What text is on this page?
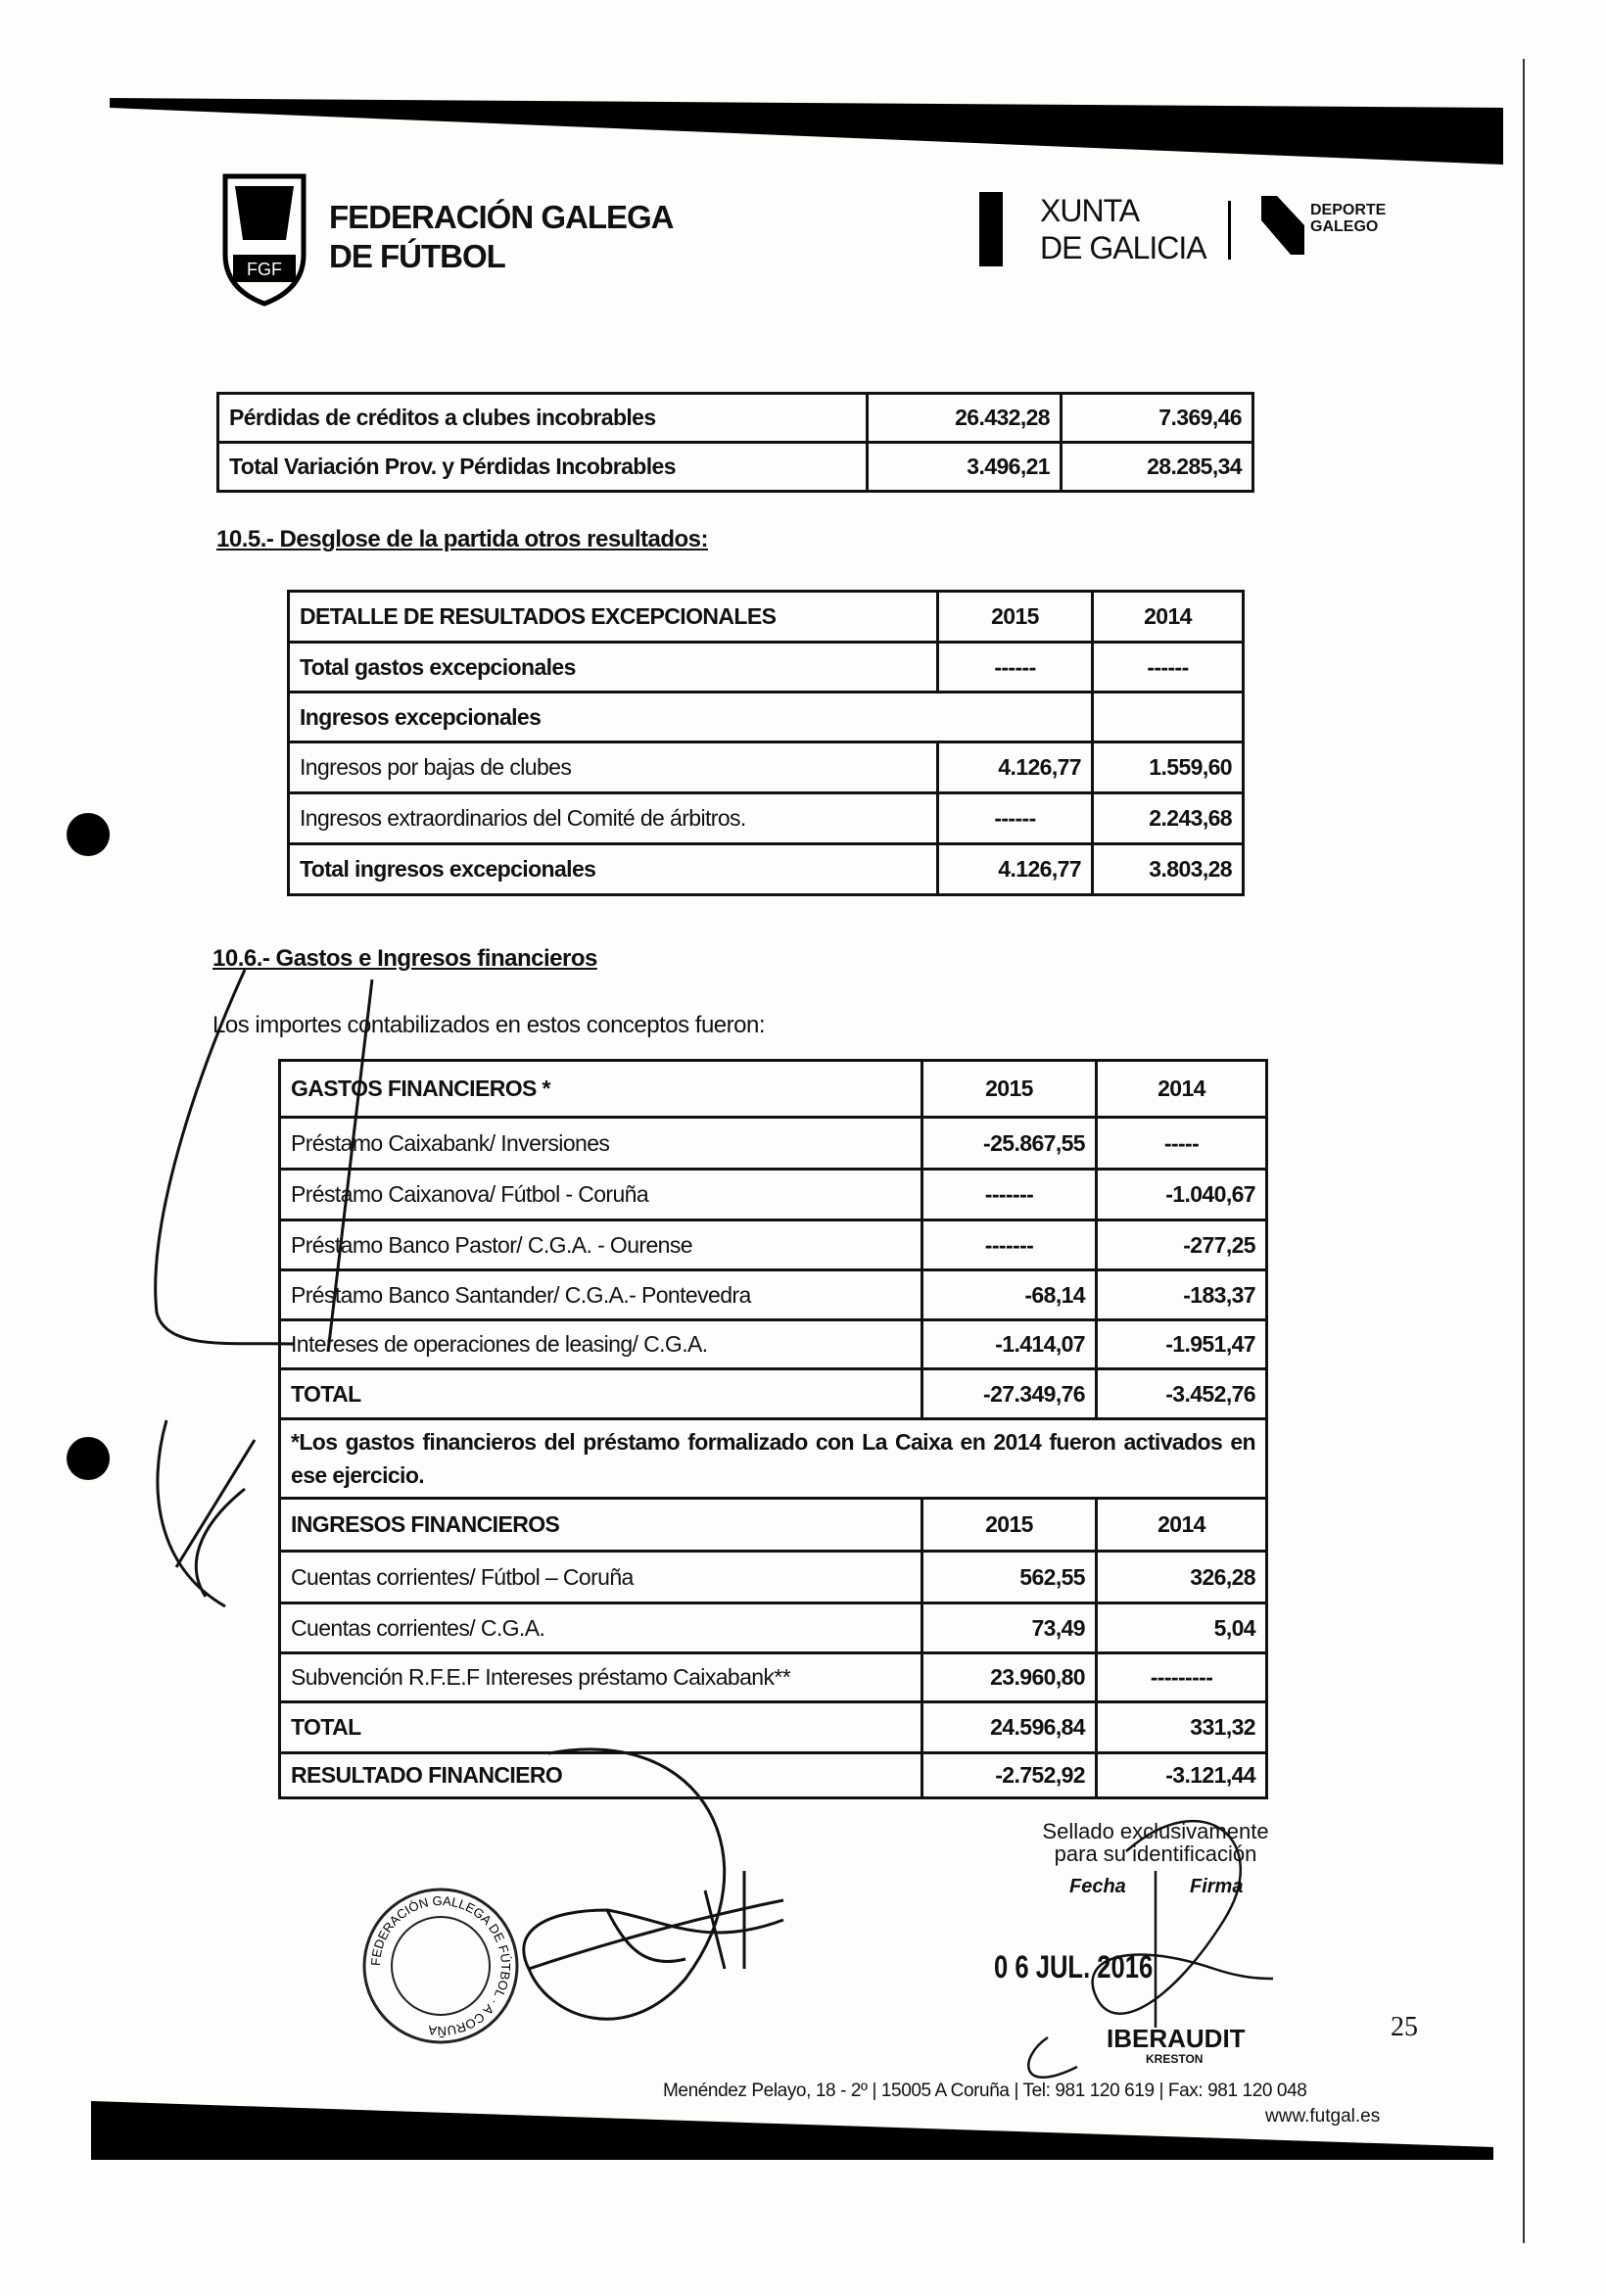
FGF
FEDERACIÓN GALEGA
DE FÚTBOL
XUNTA
DE GALICIA
DEPORTE
GALEGO
Pérdidas de créditos a clubes incobrables	26.432,28	7.369,46
Total Variación Prov. y Pérdidas Incobrables	3.496,21	28.285,34
10.5.- Desglose de la partida otros resultados:
DETALLE DE RESULTADOS EXCEPCIONALES	2015	2014
Total gastos excepcionales	------	------
Ingresos excepcionales		
Ingresos por bajas de clubes	4.126,77	1.559,60
Ingresos extraordinarios del Comité de árbitros.	------	2.243,68
Total ingresos excepcionales	4.126,77	3.803,28
10.6.- Gastos e Ingresos financieros
Los importes contabilizados en estos conceptos fueron:
GASTOS FINANCIEROS *	2015	2014
Préstamo Caixabank/ Inversiones	-25.867,55	-----
Préstamo Caixanova/ Fútbol - Coruña	-------	-1.040,67
Préstamo Banco Pastor/ C.G.A. - Ourense	-------	-277,25
Préstamo Banco Santander/ C.G.A.- Pontevedra	-68,14	-183,37
Intereses de operaciones de leasing/ C.G.A.	-1.414,07	-1.951,47
TOTAL	-27.349,76	-3.452,76
*Los gastos financieros del préstamo formalizado con La Caixa en 2014 fueron activados en ese ejercicio.		
INGRESOS FINANCIEROS	2015	2014
Cuentas corrientes/ Fútbol – Coruña	562,55	326,28
Cuentas corrientes/ C.G.A.	73,49	5,04
Subvención R.F.E.F Intereses préstamo Caixabank**	23.960,80	---------
TOTAL	24.596,84	331,32
RESULTADO FINANCIERO	-2.752,92	-3.121,44
Sellado exclusivamente
para su identificación
Fecha	Firma
0 6 JUL. 2016
IBERAUDIT
KRESTON
FEDERACIÓN GALLEGA DE FÚTBOL · A CORUÑA	25
Menéndez Pelayo, 18 - 2º | 15005 A Coruña | Tel: 981 120 619 | Fax: 981 120 048
www.futgal.es
